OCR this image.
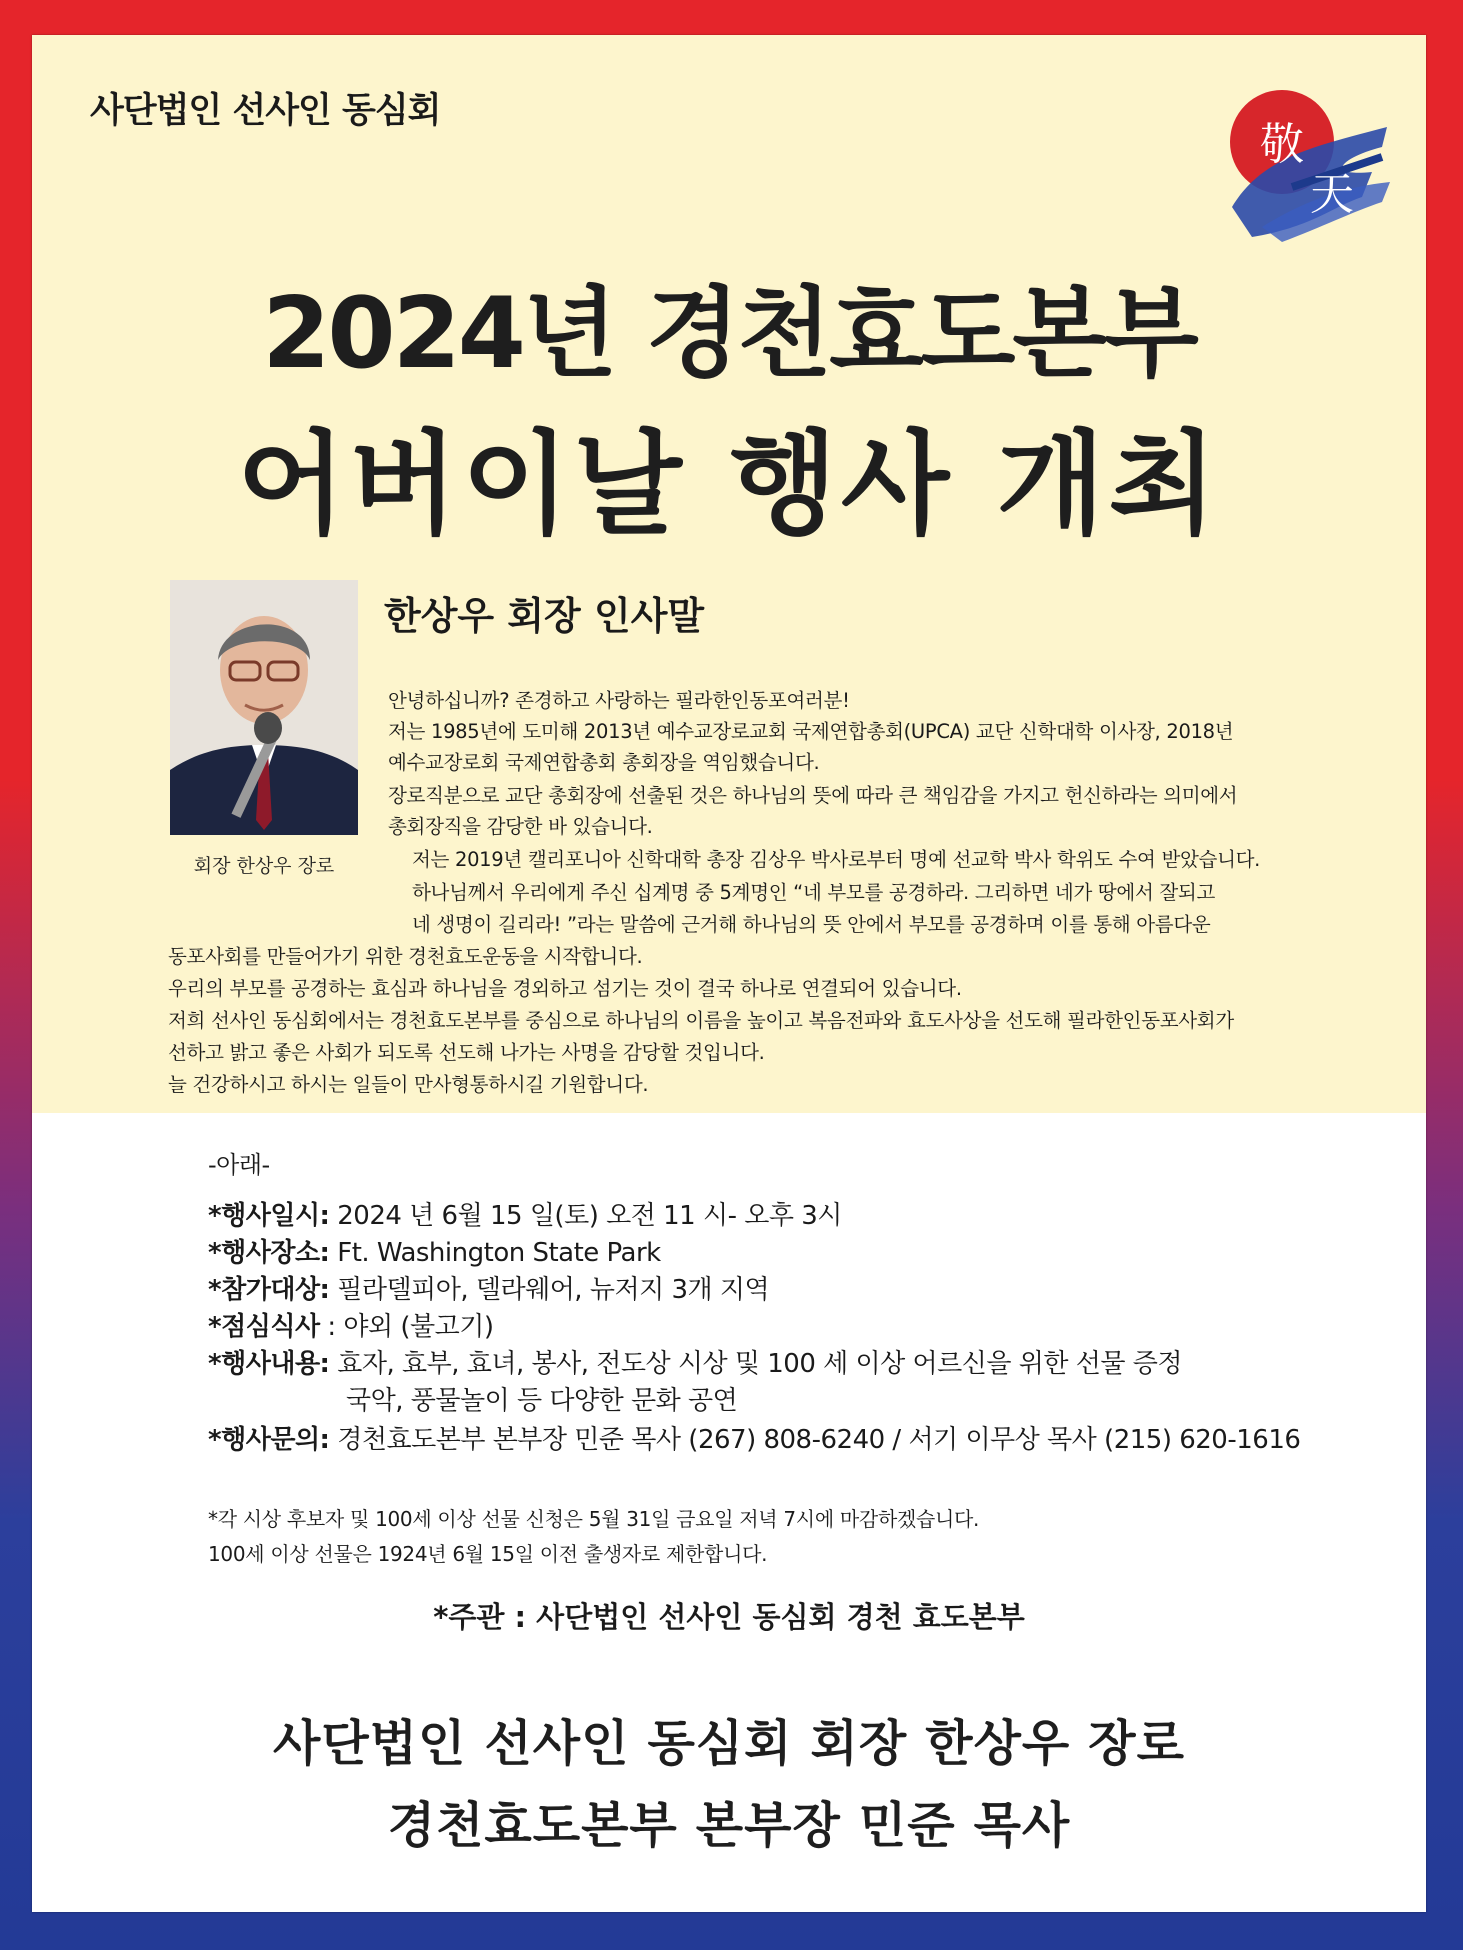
사단법인 선사인 동심회
敬
天
2024년 경천효도본부
어버이날 행사 개최
회장 한상우 장로
한상우 회장 인사말
안녕하십니까? 존경하고 사랑하는 필라한인동포여러분!
저는 1985년에 도미해 2013년 예수교장로교회 국제연합총회(UPCA) 교단 신학대학 이사장, 2018년
예수교장로회 국제연합총회 총회장을 역임했습니다.
장로직분으로 교단 총회장에 선출된 것은 하나님의 뜻에 따라 큰 책임감을 가지고 헌신하라는 의미에서
총회장직을 감당한 바 있습니다.
저는 2019년 캘리포니아 신학대학 총장 김상우 박사로부터 명예 선교학 박사 학위도 수여 받았습니다.
하나님께서 우리에게 주신 십계명 중 5계명인 “네 부모를 공경하라. 그리하면 네가 땅에서 잘되고
네 생명이 길리라! ”라는 말씀에 근거해 하나님의 뜻 안에서 부모를 공경하며 이를 통해 아름다운
동포사회를 만들어가기 위한 경천효도운동을 시작합니다.
우리의 부모를 공경하는 효심과 하나님을 경외하고 섬기는 것이 결국 하나로 연결되어 있습니다.
저희 선사인 동심회에서는 경천효도본부를 중심으로 하나님의 이름을 높이고 복음전파와 효도사상을 선도해 필라한인동포사회가
선하고 밝고 좋은 사회가 되도록 선도해 나가는 사명을 감당할 것입니다.
늘 건강하시고 하시는 일들이 만사형통하시길 기원합니다.
-아래-
*행사일시: 2024 년 6월 15 일(토) 오전 11 시- 오후 3시
*행사장소: Ft. Washington State Park
*참가대상: 필라델피아, 델라웨어, 뉴저지 3개 지역
*점심식사 : 야외 (불고기)
*행사내용: 효자, 효부, 효녀, 봉사, 전도상 시상 및 100 세 이상 어르신을 위한 선물 증정
국악, 풍물놀이 등 다양한 문화 공연
*행사문의: 경천효도본부 본부장 민준 목사 (267) 808-6240 / 서기 이무상 목사 (215) 620-1616
*각 시상 후보자 및 100세 이상 선물 신청은 5월 31일 금요일 저녁 7시에 마감하겠습니다.
100세 이상 선물은 1924년 6월 15일 이전 출생자로 제한합니다.
*주관 : 사단법인 선사인 동심회 경천 효도본부
사단법인 선사인 동심회 회장 한상우 장로
경천효도본부 본부장 민준 목사
